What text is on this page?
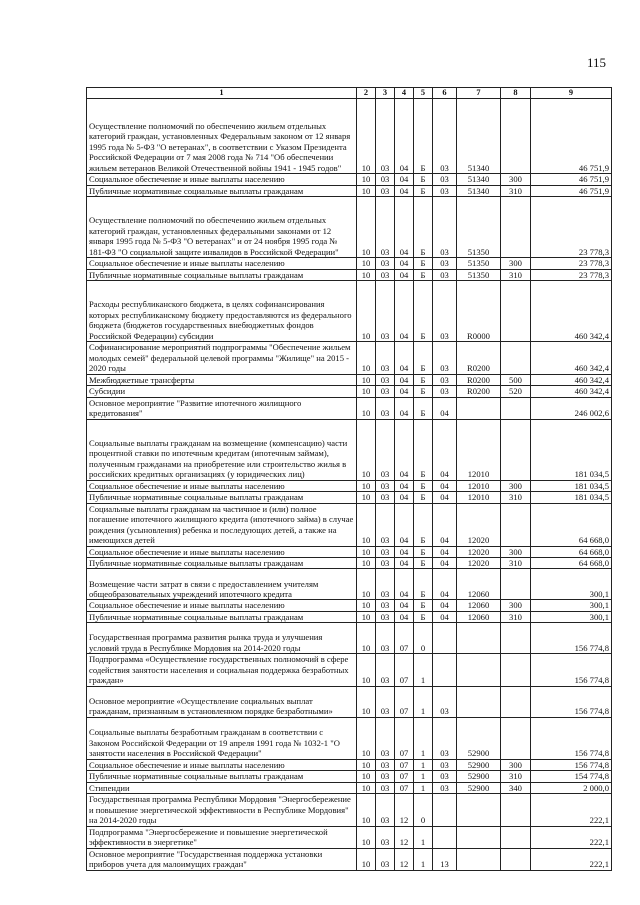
115
1	2	3	4	5	6	7	8	9
Осуществление полномочий по обеспечению жильем отдельных категорий граждан, установленных Федеральным законом от 12 января 1995 года № 5-ФЗ "О ветеранах", в соответствии с Указом Президента Российской Федерации от 7 мая 2008 года № 714 "Об обеспечении жильем ветеранов Великой Отечественной войны 1941 - 1945 годов"	10	03	04	Б	03	51340		46 751,9
Социальное обеспечение и иные выплаты населению	10	03	04	Б	03	51340	300	46 751,9
Публичные нормативные социальные выплаты гражданам	10	03	04	Б	03	51340	310	46 751,9
Осуществление полномочий по обеспечению жильем отдельных категорий граждан, установленных федеральными законами от 12 января 1995 года № 5-ФЗ "О ветеранах" и от 24 ноября 1995 года № 181-ФЗ "О социальной защите инвалидов в Российской Федерации"	10	03	04	Б	03	51350		23 778,3
Социальное обеспечение и иные выплаты населению	10	03	04	Б	03	51350	300	23 778,3
Публичные нормативные социальные выплаты гражданам	10	03	04	Б	03	51350	310	23 778,3
Расходы республиканского бюджета, в целях софинансирования которых республиканскому бюджету предоставляются из федерального бюджета (бюджетов государственных внебюджетных фондов Российской Федерации) субсидии	10	03	04	Б	03	R0000		460 342,4
Софинансирование мероприятий подпрограммы "Обеспечение жильем молодых семей" федеральной целевой программы "Жилище" на 2015 - 2020 годы	10	03	04	Б	03	R0200		460 342,4
Межбюджетные трансферты	10	03	04	Б	03	R0200	500	460 342,4
Субсидии	10	03	04	Б	03	R0200	520	460 342,4
Основное мероприятие "Развитие ипотечного жилищного кредитования"	10	03	04	Б	04			246 002,6
Социальные выплаты гражданам на возмещение (компенсацию) части процентной ставки по ипотечным кредитам (ипотечным займам), полученным гражданами на приобретение или строительство жилья в российских кредитных организациях (у юридических лиц)	10	03	04	Б	04	12010		181 034,5
Социальное обеспечение и иные выплаты населению	10	03	04	Б	04	12010	300	181 034,5
Публичные нормативные социальные выплаты гражданам	10	03	04	Б	04	12010	310	181 034,5
Социальные выплаты гражданам на частичное и (или) полное погашение ипотечного жилищного кредита (ипотечного займа) в случае рождения (усыновления) ребенка и последующих детей, а также на имеющихся детей	10	03	04	Б	04	12020		64 668,0
Социальное обеспечение и иные выплаты населению	10	03	04	Б	04	12020	300	64 668,0
Публичные нормативные социальные выплаты гражданам	10	03	04	Б	04	12020	310	64 668,0
Возмещение части затрат в связи с предоставлением учителям общеобразовательных учреждений ипотечного кредита	10	03	04	Б	04	12060		300,1
Социальное обеспечение и иные выплаты населению	10	03	04	Б	04	12060	300	300,1
Публичные нормативные социальные выплаты гражданам	10	03	04	Б	04	12060	310	300,1
Государственная программа развития рынка труда и улучшения условий труда в Республике Мордовия на 2014-2020 годы	10	03	07	0				156 774,8
Подпрограмма «Осуществление государственных полномочий в сфере содействия занятости населения и социальная поддержка безработных граждан»	10	03	07	1				156 774,8
Основное мероприятие «Осуществление социальных выплат гражданам, признанным в установленном порядке безработными»	10	03	07	1	03			156 774,8
Социальные выплаты безработным гражданам в соответствии с Законом Российской Федерации от 19 апреля 1991 года № 1032-1 "О занятости населения в Российской Федерации"	10	03	07	1	03	52900		156 774,8
Социальное обеспечение и иные выплаты населению	10	03	07	1	03	52900	300	156 774,8
Публичные нормативные социальные выплаты гражданам	10	03	07	1	03	52900	310	154 774,8
Стипендии	10	03	07	1	03	52900	340	2 000,0
Государственная программа Республики Мордовия "Энергосбережение и повышение энергетической эффективности в Республике Мордовия" на 2014-2020 годы	10	03	12	0				222,1
Подпрограмма "Энергосбережение и повышение энергетической эффективности в энергетике"	10	03	12	1				222,1
Основное мероприятие "Государственная поддержка установки приборов учета для малоимущих граждан"	10	03	12	1	13			222,1
